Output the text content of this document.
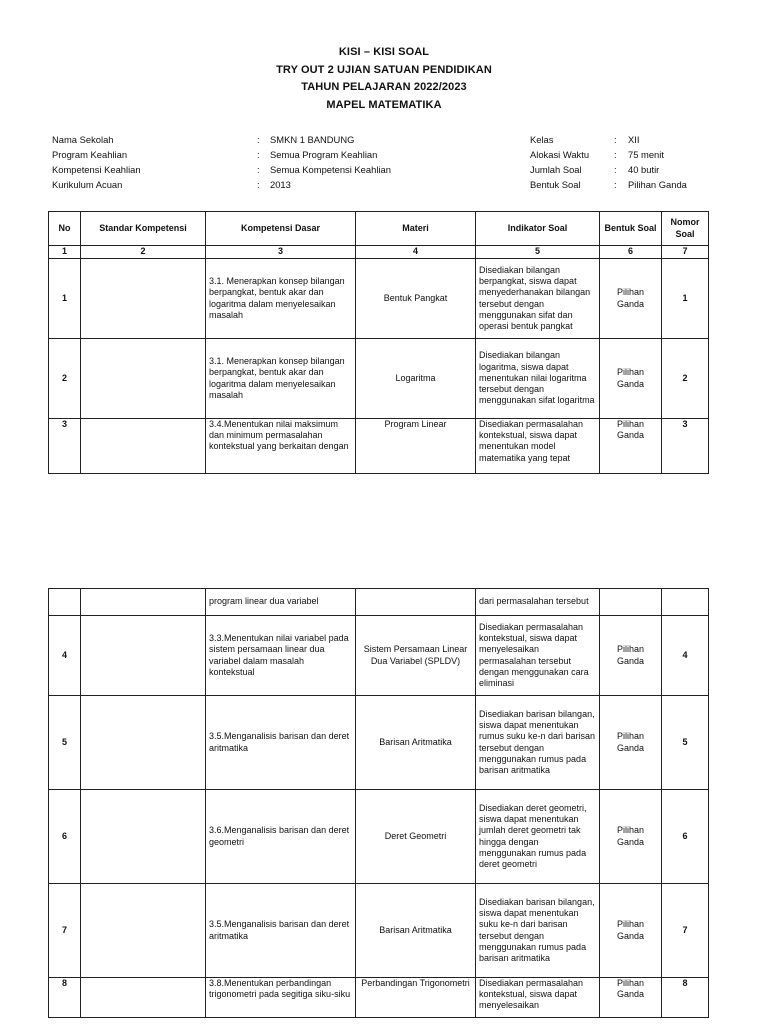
KISI – KISI SOAL
TRY OUT 2 UJIAN SATUAN PENDIDIKAN
TAHUN PELAJARAN 2022/2023
MAPEL MATEMATIKA
Nama Sekolah	:	SMKN 1 BANDUNG
Program Keahlian	:	Semua Program Keahlian
Kompetensi Keahlian	:	Semua Kompetensi Keahlian
Kurikulum Acuan	:	2013
Kelas	:	XII
Alokasi Waktu	:	75 menit
Jumlah Soal	:	40 butir
Bentuk Soal	:	Pilihan Ganda
No	Standar Kompetensi	Kompetensi Dasar	Materi	Indikator Soal	Bentuk Soal	Nomor Soal
1	2	3	4	5	6	7
1		3.1. Menerapkan konsep bilangan berpangkat, bentuk akar dan logaritma dalam menyelesaikan masalah	Bentuk Pangkat	Disediakan bilangan berpangkat, siswa dapat menyederhanakan bilangan tersebut dengan menggunakan sifat dan operasi bentuk pangkat	Pilihan Ganda	1
2		3.1. Menerapkan konsep bilangan berpangkat, bentuk akar dan logaritma dalam menyelesaikan masalah	Logaritma	Disediakan bilangan logaritma, siswa dapat menentukan nilai logaritma tersebut dengan menggunakan sifat logaritma	Pilihan Ganda	2
3		3.4.Menentukan nilai maksimum dan minimum permasalahan kontekstual yang berkaitan dengan	Program Linear	Disediakan permasalahan kontekstual, siswa dapat menentukan model matematika yang tepat	Pilihan Ganda	3
		program linear dua variabel		dari permasalahan tersebut		
4		3.3.Menentukan nilai variabel pada sistem persamaan linear dua variabel dalam masalah kontekstual	Sistem Persamaan Linear Dua Variabel (SPLDV)	Disediakan permasalahan kontekstual, siswa dapat menyelesaikan permasalahan tersebut dengan menggunakan cara eliminasi	Pilihan Ganda	4
5		3.5.Menganalisis barisan dan deret aritmatika	Barisan Aritmatika	Disediakan barisan bilangan, siswa dapat menentukan rumus suku ke-n dari barisan tersebut dengan menggunakan rumus pada barisan aritmatika	Pilihan Ganda	5
6		3.6.Menganalisis barisan dan deret geometri	Deret Geometri	Disediakan deret geometri, siswa dapat menentukan jumlah deret geometri tak hingga dengan menggunakan rumus pada deret geometri	Pilihan Ganda	6
7		3.5.Menganalisis barisan dan deret aritmatika	Barisan Aritmatika	Disediakan barisan bilangan, siswa dapat menentukan suku ke-n dari barisan tersebut dengan menggunakan rumus pada barisan aritmatika	Pilihan Ganda	7
8		3.8.Menentukan perbandingan trigonometri pada segitiga siku-siku	Perbandingan Trigonometri	Disediakan permasalahan kontekstual, siswa dapat menyelesaikan	Pilihan Ganda	8
